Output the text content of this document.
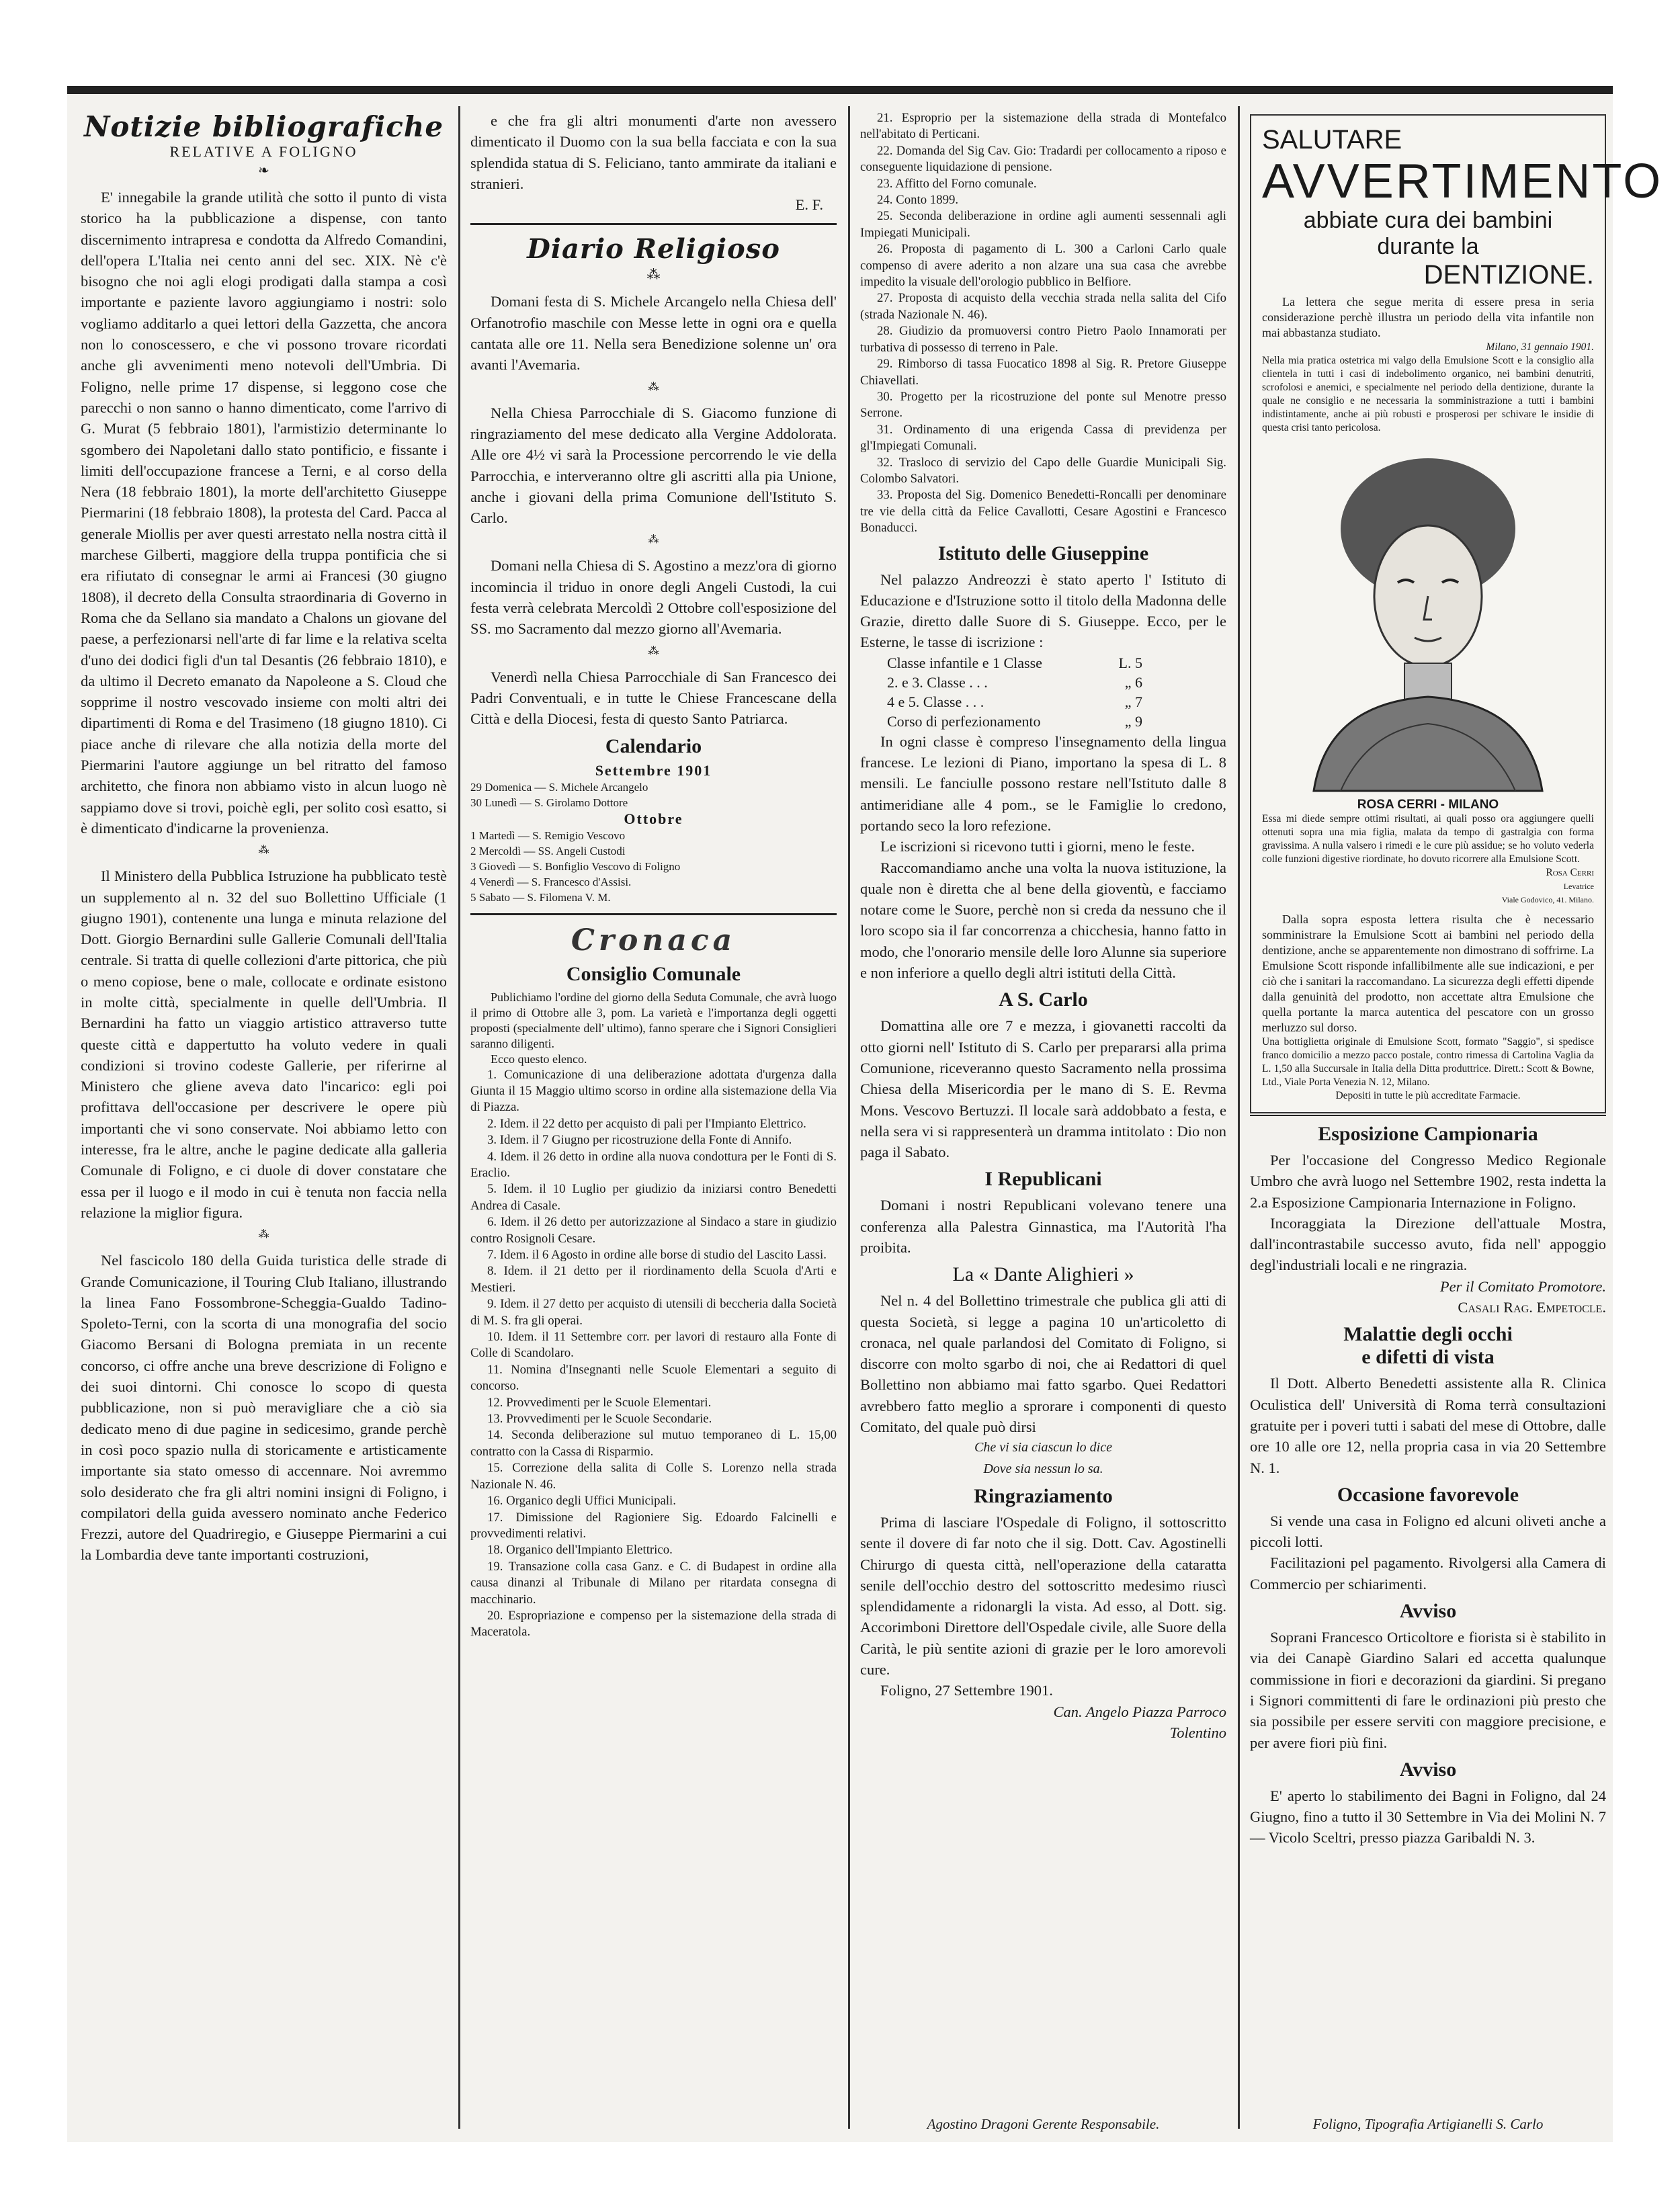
Notizie bibliografiche
RELATIVE A FOLIGNO
❧

E' innegabile la grande utilità che sotto il punto di vista storico ha la pubblicazione a dispense, con tanto discernimento intrapresa e condotta da Alfredo Comandini, dell'opera L'Italia nei cento anni del sec. XIX. Nè c'è bisogno che noi agli elogi prodigati dalla stampa a così importante e paziente lavoro aggiungiamo i nostri: solo vogliamo additarlo a quei lettori della Gazzetta, che ancora non lo conoscessero, e che vi possono trovare ricordati anche gli avvenimenti meno notevoli dell'Umbria. Di Foligno, nelle prime 17 dispense, si leggono cose che parecchi o non sanno o hanno dimenticato, come l'arrivo di G. Murat (5 febbraio 1801), l'armistizio determinante lo sgombero dei Napoletani dallo stato pontificio, e fissante i limiti dell'occupazione francese a Terni, e al corso della Nera (18 febbraio 1801), la morte dell'architetto Giuseppe Piermarini (18 febbraio 1808), la protesta del Card. Pacca al generale Miollis per aver questi arrestato nella nostra città il marchese Gilberti, maggiore della truppa pontificia che si era rifiutato di consegnar le armi ai Francesi (30 giugno 1808), il decreto della Consulta straordinaria di Governo in Roma che da Sellano sia mandato a Chalons un giovane del paese, a perfezionarsi nell'arte di far lime e la relativa scelta d'uno dei dodici figli d'un tal Desantis (26 febbraio 1810), e da ultimo il Decreto emanato da Napoleone a S. Cloud che sopprime il nostro vescovado insieme con molti altri dei dipartimenti di Roma e del Trasimeno (18 giugno 1810). Ci piace anche di rilevare che alla notizia della morte del Piermarini l'autore aggiunge un bel ritratto del famoso architetto, che finora non abbiamo visto in alcun luogo nè sappiamo dove si trovi, poichè egli, per solito così esatto, si è dimenticato d'indicarne la provenienza.

⁂

Il Ministero della Pubblica Istruzione ha pubblicato testè un supplemento al n. 32 del suo Bollettino Ufficiale (1 giugno 1901), contenente una lunga e minuta relazione del Dott. Giorgio Bernardini sulle Gallerie Comunali dell'Italia centrale. Si tratta di quelle collezioni d'arte pittorica, che più o meno copiose, bene o male, collocate e ordinate esistono in molte città, specialmente in quelle dell'Umbria. Il Bernardini ha fatto un viaggio artistico attraverso tutte queste città e dappertutto ha voluto vedere in quali condizioni si trovino codeste Gallerie, per riferirne al Ministero che gliene aveva dato l'incarico: egli poi profittava dell'occasione per descrivere le opere più importanti che vi sono conservate. Noi abbiamo letto con interesse, fra le altre, anche le pagine dedicate alla galleria Comunale di Foligno, e ci duole di dover constatare che essa per il luogo e il modo in cui è tenuta non faccia nella relazione la miglior figura.

⁂

Nel fascicolo 180 della Guida turistica delle strade di Grande Comunicazione, il Touring Club Italiano, illustrando la linea Fano Fossombrone-Scheggia-Gualdo Tadino-Spoleto-Terni, con la scorta di una monografia del socio Giacomo Bersani di Bologna premiata in un recente concorso, ci offre anche una breve descrizione di Foligno e dei suoi dintorni. Chi conosce lo scopo di questa pubblicazione, non si può meravigliare che a ciò sia dedicato meno di due pagine in sedicesimo, grande perchè in così poco spazio nulla di storicamente e artisticamente importante sia stato omesso di accennare. Noi avremmo solo desiderato che fra gli altri nomini insigni di Foligno, i compilatori della guida avessero nominato anche Federico Frezzi, autore del Quadriregio, e Giuseppe Piermarini a cui la Lombardia deve tante importanti costruzioni,

e che fra gli altri monumenti d'arte non avessero dimenticato il Duomo con la sua bella facciata e con la sua splendida statua di S. Feliciano, tanto ammirate da italiani e stranieri.

E. F.

Diario Religioso
⁂

Domani festa di S. Michele Arcangelo nella Chiesa dell' Orfanotrofio maschile con Messe lette in ogni ora e quella cantata alle ore 11. Nella sera Benedizione solenne un' ora avanti l'Avemaria.

⁂

Nella Chiesa Parrocchiale di S. Giacomo funzione di ringraziamento del mese dedicato alla Vergine Addolorata. Alle ore 4½ vi sarà la Processione percorrendo le vie della Parrocchia, e interveranno oltre gli ascritti alla pia Unione, anche i giovani della prima Comunione dell'Istituto S. Carlo.

⁂

Domani nella Chiesa di S. Agostino a mezz'ora di giorno incomincia il triduo in onore degli Angeli Custodi, la cui festa verrà celebrata Mercoldì 2 Ottobre coll'esposizione del SS. mo Sacramento dal mezzo giorno all'Avemaria.

⁂

Venerdì nella Chiesa Parrocchiale di San Francesco dei Padri Conventuali, e in tutte le Chiese Francescane della Città e della Diocesi, festa di questo Santo Patriarca.

Calendario
Settembre 1901
29 Domenica — S. Michele Arcangelo
30 Lunedì — S. Girolamo Dottore
Ottobre
1 Martedì — S. Remigio Vescovo
2 Mercoldì — SS. Angeli Custodi
3 Giovedì — S. Bonfiglio Vescovo di Foligno
4 Venerdì — S. Francesco d'Assisi.
5 Sabato — S. Filomena V. M.
Cronaca
Consiglio Comunale

Publichiamo l'ordine del giorno della Seduta Comunale, che avrà luogo il primo di Ottobre alle 3, pom. La varietà e l'importanza degli oggetti proposti (specialmente dell' ultimo), fanno sperare che i Signori Consiglieri saranno diligenti.

Ecco questo elenco.

1. Comunicazione di una deliberazione adottata d'urgenza dalla Giunta il 15 Maggio ultimo scorso in ordine alla sistemazione della Via di Piazza.
2. Idem. il 22 detto per acquisto di pali per l'Impianto Elettrico.
3. Idem. il 7 Giugno per ricostruzione della Fonte di Annifo.
4. Idem. il 26 detto in ordine alla nuova condottura per le Fonti di S. Eraclio.
5. Idem. il 10 Luglio per giudizio da iniziarsi contro Benedetti Andrea di Casale.
6. Idem. il 26 detto per autorizzazione al Sindaco a stare in giudizio contro Rosignoli Cesare.
7. Idem. il 6 Agosto in ordine alle borse di studio del Lascito Lassi.
8. Idem. il 21 detto per il riordinamento della Scuola d'Arti e Mestieri.
9. Idem. il 27 detto per acquisto di utensili di beccheria dalla Società di M. S. fra gli operai.
10. Idem. il 11 Settembre corr. per lavori di restauro alla Fonte di Colle di Scandolaro.
11. Nomina d'Insegnanti nelle Scuole Elementari a seguito di concorso.
12. Provvedimenti per le Scuole Elementari.
13. Provvedimenti per le Scuole Secondarie.
14. Seconda deliberazione sul mutuo temporaneo di L. 15,00 contratto con la Cassa di Risparmio.
15. Correzione della salita di Colle S. Lorenzo nella strada Nazionale N. 46.
16. Organico degli Uffici Municipali.
17. Dimissione del Ragioniere Sig. Edoardo Falcinelli e provvedimenti relativi.
18. Organico dell'Impianto Elettrico.
19. Transazione colla casa Ganz. e C. di Budapest in ordine alla causa dinanzi al Tribunale di Milano per ritardata consegna di macchinario.
20. Espropriazione e compenso per la sistemazione della strada di Maceratola.
21. Esproprio per la sistemazione della strada di Montefalco nell'abitato di Perticani.
22. Domanda del Sig Cav. Gio: Tradardi per collocamento a riposo e conseguente liquidazione di pensione.
23. Affitto del Forno comunale.
24. Conto 1899.
25. Seconda deliberazione in ordine agli aumenti sessennali agli Impiegati Municipali.
26. Proposta di pagamento di L. 300 a Carloni Carlo quale compenso di avere aderito a non alzare una sua casa che avrebbe impedito la visuale dell'orologio pubblico in Belfiore.
27. Proposta di acquisto della vecchia strada nella salita del Cifo (strada Nazionale N. 46).
28. Giudizio da promuoversi contro Pietro Paolo Innamorati per turbativa di possesso di terreno in Pale.
29. Rimborso di tassa Fuocatico 1898 al Sig. R. Pretore Giuseppe Chiavellati.
30. Progetto per la ricostruzione del ponte sul Menotre presso Serrone.
31. Ordinamento di una erigenda Cassa di previdenza per gl'Impiegati Comunali.
32. Trasloco di servizio del Capo delle Guardie Municipali Sig. Colombo Salvatori.
33. Proposta del Sig. Domenico Benedetti-Roncalli per denominare tre vie della città da Felice Cavallotti, Cesare Agostini e Francesco Bonaducci.
Istituto delle Giuseppine

Nel palazzo Andreozzi è stato aperto l' Istituto di Educazione e d'Istruzione sotto il titolo della Madonna delle Grazie, diretto dalle Suore di S. Giuseppe. Ecco, per le Esterne, le tasse di iscrizione :

Classe infantile e 1 Classe	L. 5
2. e 3. Classe . . .	„ 6
4 e 5. Classe . . .	„ 7
Corso di perfezionamento	„ 9

In ogni classe è compreso l'insegnamento della lingua francese. Le lezioni di Piano, importano la spesa di L. 8 mensili. Le fanciulle possono restare nell'Istituto dalle 8 antimeridiane alle 4 pom., se le Famiglie lo credono, portando seco la loro refezione.

Le iscrizioni si ricevono tutti i giorni, meno le feste.

Raccomandiamo anche una volta la nuova istituzione, la quale non è diretta che al bene della gioventù, e facciamo notare come le Suore, perchè non si creda da nessuno che il loro scopo sia il far concorrenza a chicchesia, hanno fatto in modo, che l'onorario mensile delle loro Alunne sia superiore e non inferiore a quello degli altri istituti della Città.

A S. Carlo

Domattina alle ore 7 e mezza, i giovanetti raccolti da otto giorni nell' Istituto di S. Carlo per prepararsi alla prima Comunione, riceveranno questo Sacramento nella prossima Chiesa della Misericordia per le mano di S. E. Revma Mons. Vescovo Bertuzzi. Il locale sarà addobbato a festa, e nella sera vi si rappresenterà un dramma intitolato : Dio non paga il Sabato.

I Republicani

Domani i nostri Republicani volevano tenere una conferenza alla Palestra Ginnastica, ma l'Autorità l'ha proibita.

La « Dante Alighieri »

Nel n. 4 del Bollettino trimestrale che publica gli atti di questa Società, si legge a pagina 10 un'articoletto di cronaca, nel quale parlandosi del Comitato di Foligno, si discorre con molto sgarbo di noi, che ai Redattori di quel Bollettino non abbiamo mai fatto sgarbo. Quei Redattori avrebbero fatto meglio a sprorare i componenti di questo Comitato, del quale può dirsi

Che vi sia ciascun lo dice

Dove sia nessun lo sa.

Ringraziamento

Prima di lasciare l'Ospedale di Foligno, il sottoscritto sente il dovere di far noto che il sig. Dott. Cav. Agostinelli Chirurgo di questa città, nell'operazione della cataratta senile dell'occhio destro del sottoscritto medesimo riuscì splendidamente a ridonargli la vista. Ad esso, al Dott. sig. Accorimboni Direttore dell'Ospedale civile, alle Suore della Carità, le più sentite azioni di grazie per le loro amorevoli cure.

Foligno, 27 Settembre 1901.

Can. Angelo Piazza Parroco

Tolentino

Agostino Dragoni Gerente Responsabile.
SALUTARE
AVVERTIMENTO
abbiate cura dei bambini
durante la
DENTIZIONE.

La lettera che segue merita di essere presa in seria considerazione perchè illustra un periodo della vita infantile non mai abbastanza studiato.

Milano, 31 gennaio 1901.

Nella mia pratica ostetrica mi valgo della Emulsione Scott e la consiglio alla clientela in tutti i casi di indebolimento organico, nei bambini denutriti, scrofolosi e anemici, e specialmente nel periodo della dentizione, durante la quale ne consiglio e ne necessaria la somministrazione a tutti i bambini indistintamente, anche ai più robusti e prosperosi per schivare le insidie di questa crisi tanto pericolosa.

ROSA CERRI - MILANO

Essa mi diede sempre ottimi risultati, ai quali posso ora aggiungere quelli ottenuti sopra una mia figlia, malata da tempo di gastralgia con forma gravissima. A nulla valsero i rimedi e le cure più assidue; se ho voluto vederla colle funzioni digestive riordinate, ho dovuto ricorrere alla Emulsione Scott.

Rosa Cerri

Levatrice

Viale Godovico, 41. Milano.

Dalla sopra esposta lettera risulta che è necessario somministrare la Emulsione Scott ai bambini nel periodo della dentizione, anche se apparentemente non dimostrano di soffrirne. La Emulsione Scott risponde infallibilmente alle sue indicazioni, e per ciò che i sanitari la raccomandano. La sicurezza degli effetti dipende dalla genuinità del prodotto, non accettate altra Emulsione che quella portante la marca autentica del pescatore con un grosso merluzzo sul dorso.

Una bottiglietta originale di Emulsione Scott, formato "Saggio", si spedisce franco domicilio a mezzo pacco postale, contro rimessa di Cartolina Vaglia da L. 1,50 alla Succursale in Italia della Ditta produttrice. Dirett.: Scott & Bowne, Ltd., Viale Porta Venezia N. 12, Milano.

Depositi in tutte le più accreditate Farmacie.

Esposizione Campionaria

Per l'occasione del Congresso Medico Regionale Umbro che avrà luogo nel Settembre 1902, resta indetta la 2.a Esposizione Campionaria Internazione in Foligno.

Incoraggiata la Direzione dell'attuale Mostra, dall'incontrastabile successo avuto, fida nell' appoggio degl'industriali locali e ne ringrazia.

Per il Comitato Promotore.

Casali Rag. Empetocle.

Malattie degli occhi
e difetti di vista

Il Dott. Alberto Benedetti assistente alla R. Clinica Oculistica dell' Università di Roma terrà consultazioni gratuite per i poveri tutti i sabati del mese di Ottobre, dalle ore 10 alle ore 12, nella propria casa in via 20 Settembre N. 1.

Occasione favorevole

Si vende una casa in Foligno ed alcuni oliveti anche a piccoli lotti.

Facilitazioni pel pagamento. Rivolgersi alla Camera di Commercio per schiarimenti.

Avviso

Soprani Francesco Orticoltore e fiorista si è stabilito in via dei Canapè Giardino Salari ed accetta qualunque commissione in fiori e decorazioni da giardini. Si pregano i Signori committenti di fare le ordinazioni più presto che sia possibile per essere serviti con maggiore precisione, e per avere fiori più fini.

Avviso

E' aperto lo stabilimento dei Bagni in Foligno, dal 24 Giugno, fino a tutto il 30 Settembre in Via dei Molini N. 7 — Vicolo Sceltri, presso piazza Garibaldi N. 3.

Foligno, Tipografia Artigianelli S. Carlo
